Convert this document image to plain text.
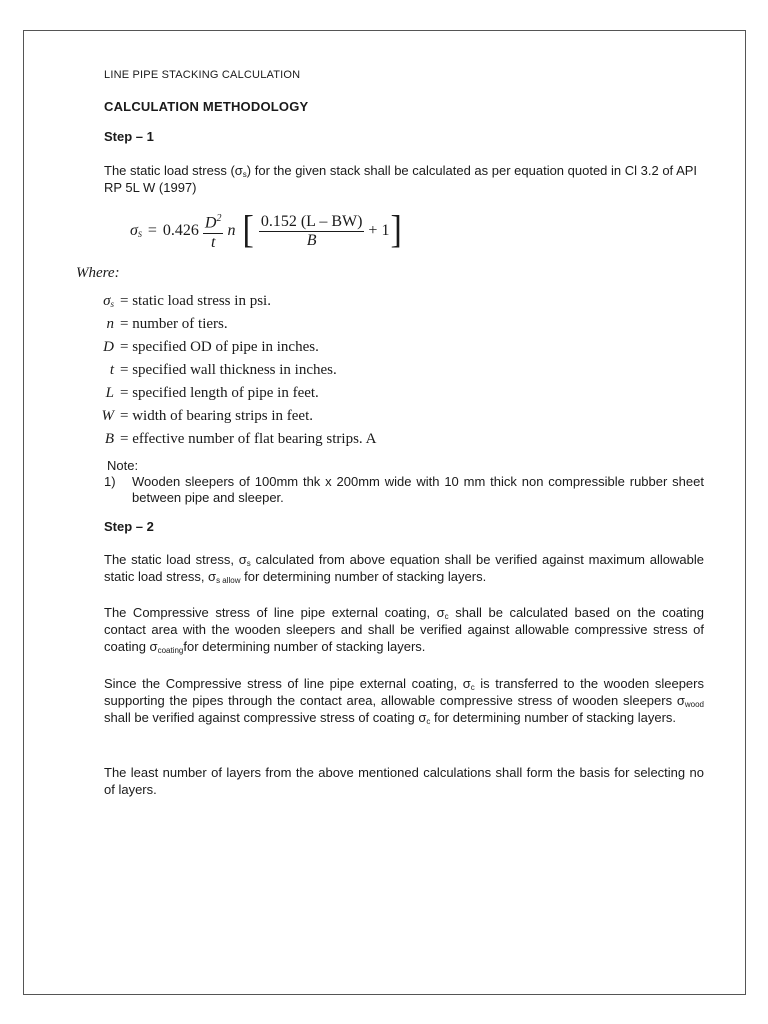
LINE PIPE STACKING CALCULATION
CALCULATION METHODOLOGY
Step – 1
The static load stress $(\sigma_s)$ for the given stack shall be calculated as per equation quoted in Cl 3.2 of API RP 5L W (1997)
$\sigma_S = 0.426 \frac{D^2}{t}$ n [ $\frac{0.152 (L - BW)}{B} + 1$ ]
Where:
$\sigma_s$ = static load stress in psi.
n = number of tiers.
D = specified OD of pipe in inches.
t = specified wall thickness in inches.
L = specified length of pipe in feet.
W = width of bearing strips in feet.
B = effective number of flat bearing strips. A
Note:
1)	Wooden sleepers of 100mm thk x 200mm wide with 10 mm thick non compressible rubber sheet between pipe and sleeper.
Step – 2
The static load stress, $\sigma_s$ calculated from above equation shall be verified against maximum allowable static load stress, $\sigma_{s allow}$ for determining number of stacking layers.
The Compressive stress of line pipe external coating, $\sigma_c$ shall be calculated based on the coating contact area with the wooden sleepers and shall be verified against allowable compressive stress of coating $\sigma_{coating}for$ determining number of stacking layers.
Since the Compressive stress of line pipe external coating, $\sigma_c$ is transferred to the wooden sleepers supporting the pipes through the contact area, allowable compressive stress of wooden sleepers $\sigma_{wood}$ shall be verified against compressive stress of coating $\sigma_c$ for determining number of stacking layers.
The least number of layers from the above mentioned calculations shall form the basis for selecting no of layers.
